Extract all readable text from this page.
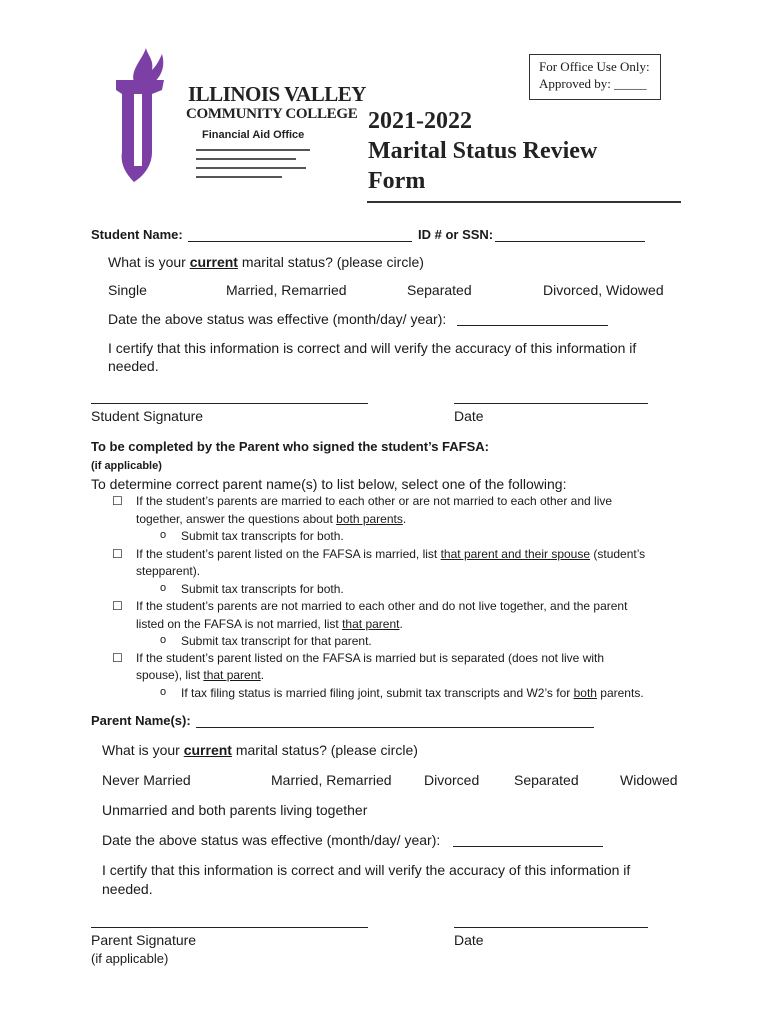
ILLINOIS VALLEY
COMMUNITY COLLEGE
Financial Aid Office
For Office Use Only:
Approved by: _____
2021-2022
Marital Status Review
Form
Student Name:	ID # or SSN:
What is your current marital status? (please circle)
Single	Married, Remarried	Separated	Divorced, Widowed
Date the above status was effective (month/day/ year):
I certify that this information is correct and will verify the accuracy of this information if
needed.
Student Signature	Date
To be completed by the Parent who signed the student’s FAFSA:
(if applicable)
To determine correct parent name(s) to list below, select one of the following:
☐ If the student’s parents are married to each other or are not married to each other and live
together, answer the questions about both parents.
o Submit tax transcripts for both.
☐ If the student’s parent listed on the FAFSA is married, list that parent and their spouse (student’s
stepparent).
o Submit tax transcripts for both.
☐ If the student’s parents are not married to each other and do not live together, and the parent
listed on the FAFSA is not married, list that parent.
o Submit tax transcript for that parent.
☐ If the student’s parent listed on the FAFSA is married but is separated (does not live with
spouse), list that parent.
o If tax filing status is married filing joint, submit tax transcripts and W2’s for both parents.
Parent Name(s):
What is your current marital status? (please circle)
Never Married	Married, Remarried Divorced Separated	Widowed
Unmarried and both parents living together
Date the above status was effective (month/day/ year):
I certify that this information is correct and will verify the accuracy of this information if
needed.
Parent Signature	Date
(if applicable)
